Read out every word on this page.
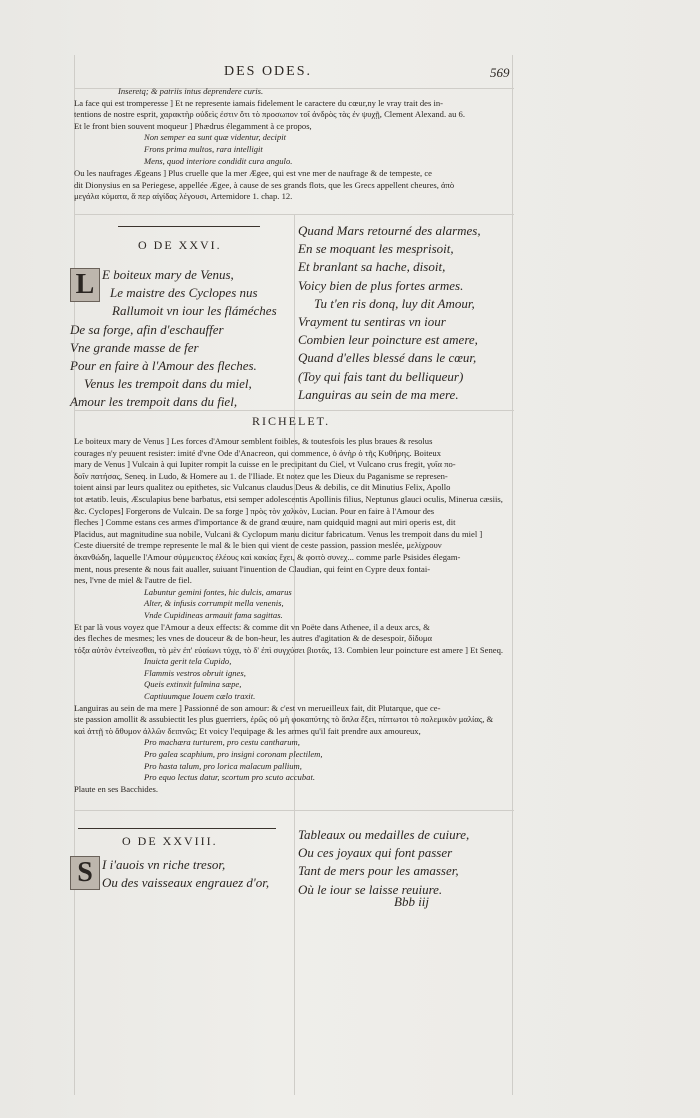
DES ODES.	569
Inseretq; & patriis intus deprendere curis.
La face qui est tromperesse ] Et ne represente iamais fidelement le caractere du cœur,ny le vray trait des in-
tentions de nostre esprit, χαρακτὴρ οὐδεὶς ἐστιν ὅτι τὸ προσωπον τοῖ ἀνδρὸς τὰς ἐν ψυχῇ, Clement Alexand. au 6.
Et le front bien souvent moqueur ] Phædrus élegamment à ce propos,
Non semper ea sunt quæ videntur, decipit
Frons prima multos, rara intelligit
Mens, quod interiore condidit cura angulo.
Ou les naufrages Ægeans ] Plus cruelle que la mer Ægee, qui est vne mer de naufrage & de tempeste, ce
dit Dionysius en sa Periegese, appellée Ægee, à cause de ses grands flots, que les Grecs appellent cheures, ἀπὸ
μεγάλα κύματα, ἅ περ αἰγίδας λέγουσι, Artemidore 1. chap. 12.
O DE XXVI.
L E boiteux mary de Venus,
Le maistre des Cyclopes nus
Rallumoit vn iour les fláméches
De sa forge, afin d'eschauffer
Vne grande masse de fer
Pour en faire à l'Amour des fleches.
Venus les trempoit dans du miel,
Amour les trempoit dans du fiel,
Quand Mars retourné des alarmes,
En se moquant les mesprisoit,
Et branlant sa hache, disoit,
Voicy bien de plus fortes armes.
Tu t'en ris donq, luy dit Amour,
Vrayment tu sentiras vn iour
Combien leur poincture est amere,
Quand d'elles blessé dans le cœur,
(Toy qui fais tant du belliqueur)
Languiras au sein de ma mere.
RICHELET.
Le boiteux mary de Venus ] Les forces d'Amour semblent foibles, & toutesfois les plus braues & resolus
courages n'y peuuent resister: imité d'vne Ode d'Anacreon, qui commence, ὁ ἀνὴρ ὁ τῆς Κυθήρης. Boiteux
mary de Venus ] Vulcain à qui Iupiter rompit la cuisse en le precipitant du Ciel, vt Vulcano crus fregit, γυῖα πο-
δοῖν πατήσας, Seneq. in Ludo, & Homere au 1. de l'Iliade. Et notez que les Dieux du Paganisme se represen-
toient ainsi par leurs qualitez ou epithetes, sic Vulcanus claudus Deus & debilis, ce dit Minutius Felix, Apollo
tot ætatib. leuis, Æsculapius bene barbatus, etsi semper adolescentis Apollinis filius, Neptunus glauci oculis, Minerua cæsiis,
&c. Cyclopes] Forgerons de Vulcain. De sa forge ] πρὸς τὸν χαλκὸν, Lucian. Pour en faire à l'Amour des
fleches ] Comme estans ces armes d'importance & de grand œuure, nam quidquid magni aut miri operis est, dit
Placidus, aut magnitudine sua nobile, Vulcani & Cyclopum manu dicitur fabricatum. Venus les trempoit dans du miel ]
Ceste diuersité de trempe represente le mal & le bien qui vient de ceste passion, passion meslée, μελίχρουν
ἀκανθώδη, laquelle l'Amour σύμμεικτος ἐλέους καὶ κακίας ἔχει, & φοιτὸ συνεχ... comme parle Psisides élegam-
ment, nous presente & nous fait aualler, suiuant l'inuention de Claudian, qui feint en Cypre deux fontai-
nes, l'vne de miel & l'autre de fiel.
Labuntur gemini fontes, hic dulcis, amarus
Alter, & infusis corrumpit mella venenis,
Vnde Cupidineas armauit fama sagittas.
Et par là vous voyez que l'Amour a deux effects: & comme dit vn Poëte dans Athenee, il a deux arcs, &
des fleches de mesmes; les vnes de douceur & de bon-heur, les autres d'agitation & de desespoir, δίδυμα
τόξα αὐτὸν ἐντείνεσθαι, τὸ μὲν ἐπ' εὐαίωνι τύχᾳ, τὸ δ' ἐπὶ συγχύσει βιοτᾶς, 13. Combien leur poincture est amere ] Et Seneq.
Inuicta gerit tela Cupido,
Flammis vestros obruit ignes,
Queis extinxit fulmina sæpe,
Captiuumque Iouem cælo traxit.
Languiras au sein de ma mere ] Passionné de son amour: & c'est vn merueilleux fait, dit Plutarque, que ce-
ste passion amollit & assubiectit les plus guerriers, ἐρῶς οὐ μὴ φοκαπύτης τὸ ὅπλα ἕξει, πίπτωτοι τὸ πολεμικὸν μαλίας, &
καὶ ἀττῇ τὸ ἄθυμον ἀλλῶν δειπνῶς; Et voicy l'equipage & les armes qu'il fait prendre aux amoureux,
Pro machæra turturem, pro cestu cantharum,
Pro galea scaphium, pro insigni coronam plectilem,
Pro hasta talum, pro lorica malacum pallium,
Pro equo lectus datur, scortum pro scuto accubat.
Plaute en ses Bacchides.
O DE XXVIII.
S I i'auois vn riche tresor,
Ou des vaisseaux engrauez d'or,
Tableaux ou medailles de cuiure,
Ou ces joyaux qui font passer
Tant de mers pour les amasser,
Où le iour se laisse reuiure.
Bbb iij
